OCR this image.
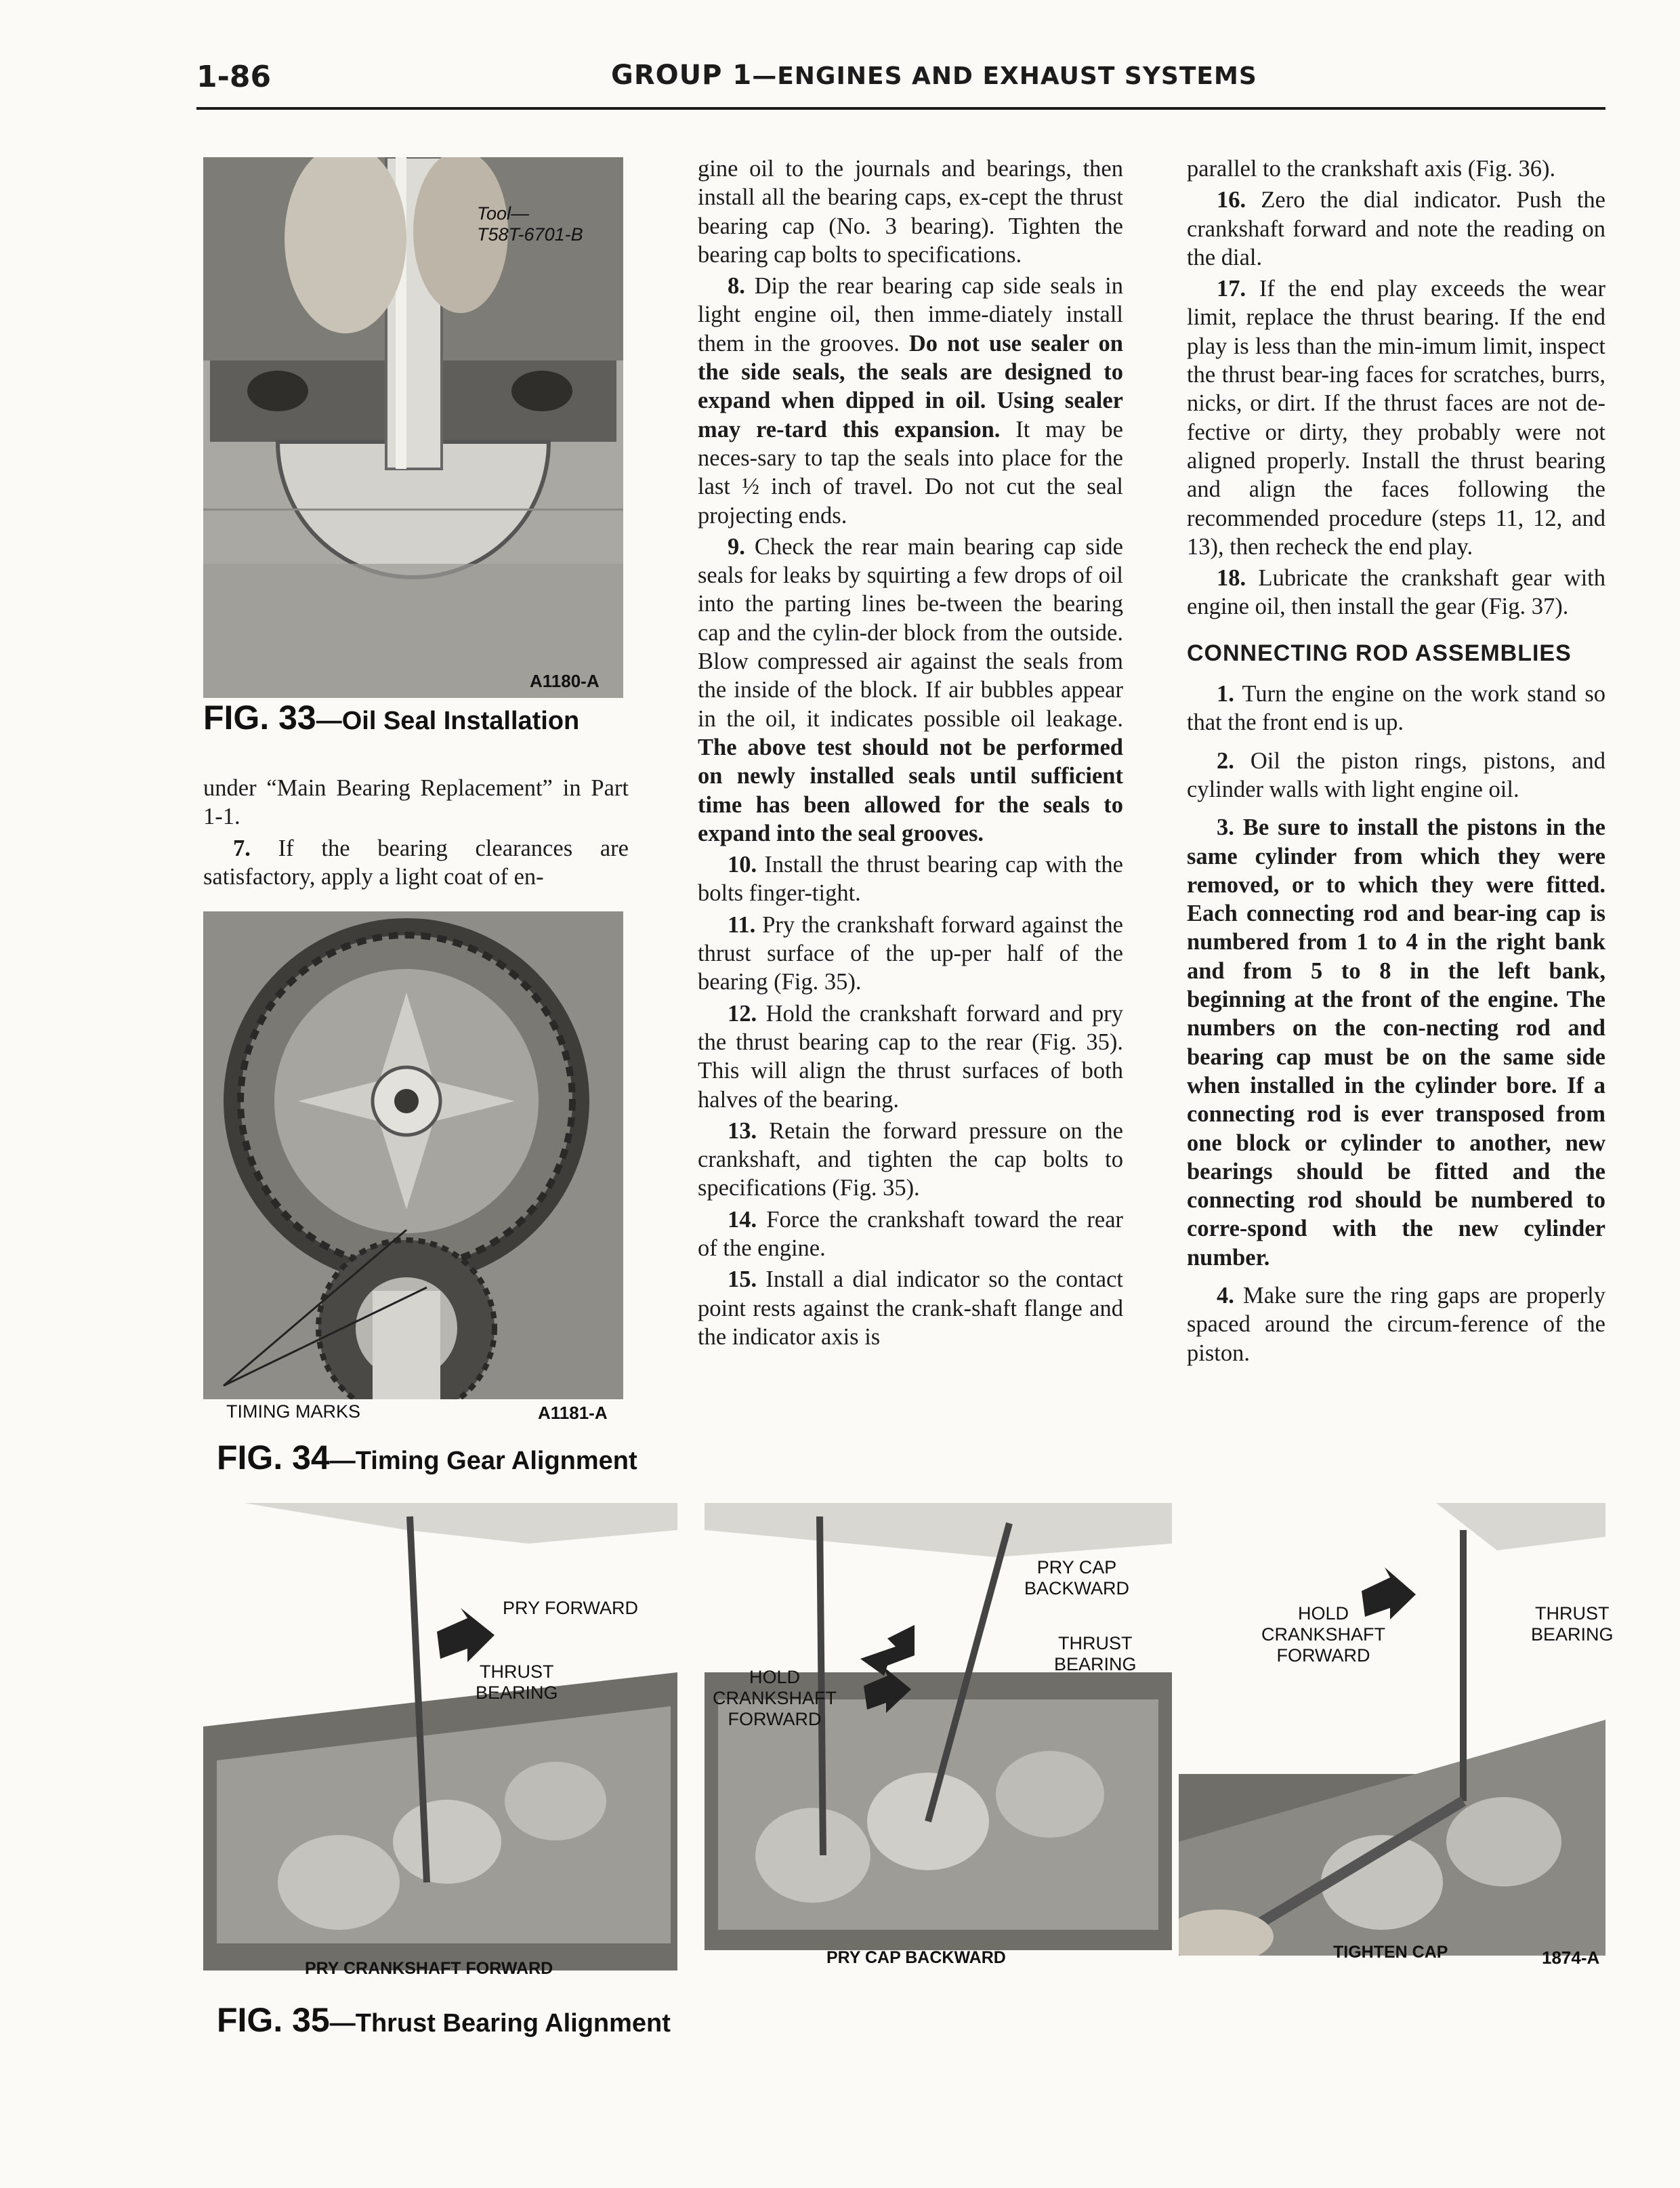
1-86	GROUP 1—ENGINES AND EXHAUST SYSTEMS
Tool—
T58T-6701-B
A1180-A
FIG. 33—Oil Seal Installation

under “Main Bearing Replacement” in Part 1-1.

7. If the bearing clearances are satisfactory, apply a light coat of en-

TIMING MARKS	A1181-A
FIG. 34—Timing Gear Alignment

gine oil to the journals and bearings, then install all the bearing caps, ex-cept the thrust bearing cap (No. 3 bearing). Tighten the bearing cap bolts to specifications.

8. Dip the rear bearing cap side seals in light engine oil, then imme-diately install them in the grooves. Do not use sealer on the side seals, the seals are designed to expand when dipped in oil. Using sealer may re-tard this expansion. It may be neces-sary to tap the seals into place for the last ½ inch of travel. Do not cut the seal projecting ends.

9. Check the rear main bearing cap side seals for leaks by squirting a few drops of oil into the parting lines be-tween the bearing cap and the cylin-der block from the outside. Blow compressed air against the seals from the inside of the block. If air bubbles appear in the oil, it indicates possible oil leakage. The above test should not be performed on newly installed seals until sufficient time has been allowed for the seals to expand into the seal grooves.

10. Install the thrust bearing cap with the bolts finger-tight.

11. Pry the crankshaft forward against the thrust surface of the up-per half of the bearing (Fig. 35).

12. Hold the crankshaft forward and pry the thrust bearing cap to the rear (Fig. 35). This will align the thrust surfaces of both halves of the bearing.

13. Retain the forward pressure on the crankshaft, and tighten the cap bolts to specifications (Fig. 35).

14. Force the crankshaft toward the rear of the engine.

15. Install a dial indicator so the contact point rests against the crank-shaft flange and the indicator axis is

parallel to the crankshaft axis (Fig. 36).

16. Zero the dial indicator. Push the crankshaft forward and note the reading on the dial.

17. If the end play exceeds the wear limit, replace the thrust bearing. If the end play is less than the min-imum limit, inspect the thrust bear-ing faces for scratches, burrs, nicks, or dirt. If the thrust faces are not de-fective or dirty, they probably were not aligned properly. Install the thrust bearing and align the faces following the recommended procedure (steps 11, 12, and 13), then recheck the end play.

18. Lubricate the crankshaft gear with engine oil, then install the gear (Fig. 37).

CONNECTING ROD ASSEMBLIES

1. Turn the engine on the work stand so that the front end is up.

2. Oil the piston rings, pistons, and cylinder walls with light engine oil.

3. Be sure to install the pistons in the same cylinder from which they were removed, or to which they were fitted. Each connecting rod and bear-ing cap is numbered from 1 to 4 in the right bank and from 5 to 8 in the left bank, beginning at the front of the engine. The numbers on the con-necting rod and bearing cap must be on the same side when installed in the cylinder bore. If a connecting rod is ever transposed from one block or cylinder to another, new bearings should be fitted and the connecting rod should be numbered to corre-spond with the new cylinder number.

4. Make sure the ring gaps are properly spaced around the circum-ference of the piston.

PRY FORWARD
THRUST
BEARING
PRY CRANKSHAFT FORWARD
PRY CAP
BACKWARD
THRUST
BEARING
HOLD
CRANKSHAFT
FORWARD
PRY CAP BACKWARD
HOLD
CRANKSHAFT
FORWARD
THRUST
BEARING
TIGHTEN CAP	1874-A
FIG. 35—Thrust Bearing Alignment
